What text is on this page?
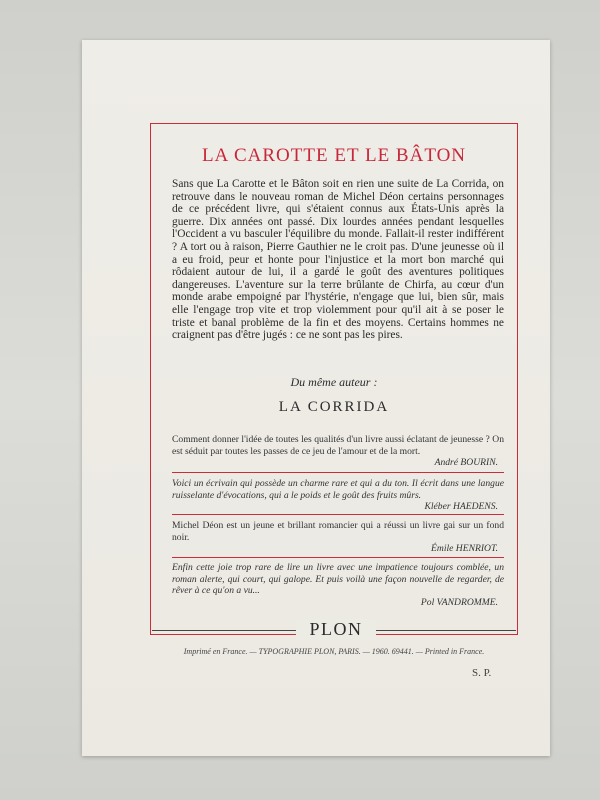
LA CAROTTE ET LE BÂTON

Sans que La Carotte et le Bâton soit en rien une suite de La Corrida, on retrouve dans le nouveau roman de Michel Déon certains personnages de ce précédent livre, qui s'étaient connus aux États-Unis après la guerre. Dix années ont passé. Dix lourdes années pendant lesquelles l'Occident a vu basculer l'équilibre du monde. Fallait-il rester indifférent ? A tort ou à raison, Pierre Gauthier ne le croit pas. D'une jeunesse où il a eu froid, peur et honte pour l'injustice et la mort bon marché qui rôdaient autour de lui, il a gardé le goût des aventures politiques dangereuses. L'aventure sur la terre brûlante de Chirfa, au cœur d'un monde arabe empoigné par l'hystérie, n'engage que lui, bien sûr, mais elle l'engage trop vite et trop violemment pour qu'il ait à se poser le triste et banal problème de la fin et des moyens. Certains hommes ne craignent pas d'être jugés : ce ne sont pas les pires.

Du même auteur :
LA CORRIDA

Comment donner l'idée de toutes les qualités d'un livre aussi éclatant de jeunesse ? On est séduit par toutes les passes de ce jeu de l'amour et de la mort.

André BOURIN.

Voici un écrivain qui possède un charme rare et qui a du ton. Il écrit dans une langue ruisselante d'évocations, qui a le poids et le goût des fruits mûrs.

Kléber HAEDENS.

Michel Déon est un jeune et brillant romancier qui a réussi un livre gai sur un fond noir.

Émile HENRIOT.

Enfin cette joie trop rare de lire un livre avec une impatience toujours comblée, un roman alerte, qui court, qui galope. Et puis voilà une façon nouvelle de regarder, de rêver à ce qu'on a vu...

Pol VANDROMME.

PLON
Imprimé en France. — TYPOGRAPHIE PLON, PARIS. — 1960. 69441. — Printed in France.
S. P.
